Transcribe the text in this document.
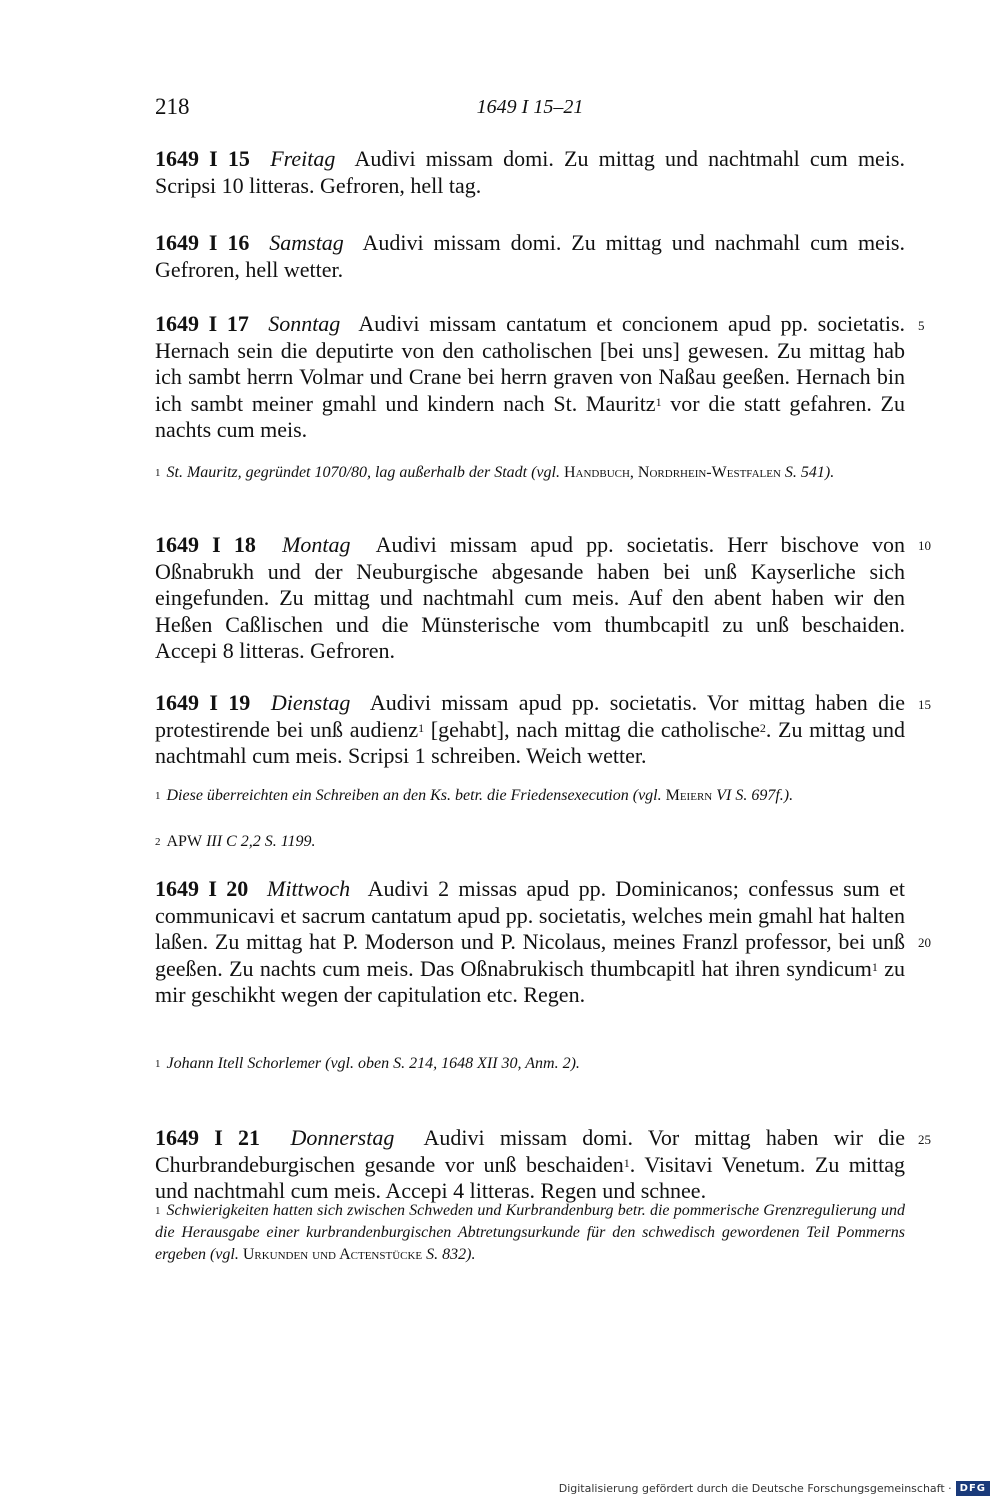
218	1649 I 15–21

1649 I 15 Freitag Audivi missam domi. Zu mittag und nachtmahl cum meis. Scripsi 10 litteras. Gefroren, hell tag.

1649 I 16 Samstag Audivi missam domi. Zu mittag und nachmahl cum meis. Gefroren, hell wetter.

1649 I 17 Sonntag Audivi missam cantatum et concionem apud pp. societatis. Hernach sein die deputirte von den catholischen [bei uns] gewesen. Zu mittag hab ich sambt herrn Volmar und Crane bei herrn graven von Naßau geeßen. Hernach bin ich sambt meiner gmahl und kindern nach St. Mauritz$^1$ vor die statt gefahren. Zu nachts cum meis.

$^1$ St. Mauritz, gegründet 1070/80, lag außerhalb der Stadt (vgl. Handbuch, Nordrhein-Westfalen S. 541).

1649 I 18 Montag Audivi missam apud pp. societatis. Herr bischove von Oßnabrukh und der Neuburgische abgesande haben bei unß Kayserliche sich eingefunden. Zu mittag und nachtmahl cum meis. Auf den abent haben wir den Heßen Caßlischen und die Münsterische vom thumbcapitl zu unß beschaiden. Accepi 8 litteras. Gefroren.

1649 I 19 Dienstag Audivi missam apud pp. societatis. Vor mittag haben die protestirende bei unß audienz$^1$ [gehabt], nach mittag die catholische$^2$. Zu mittag und nachtmahl cum meis. Scripsi 1 schreiben. Weich wetter.

$^1$ Diese überreichten ein Schreiben an den Ks. betr. die Friedensexecution (vgl. Meiern VI S. 697f.).

$^2$ APW III C 2,2 S. 1199.

1649 I 20 Mittwoch Audivi 2 missas apud pp. Dominicanos; confessus sum et communicavi et sacrum cantatum apud pp. societatis, welches mein gmahl hat halten laßen. Zu mittag hat P. Moderson und P. Nicolaus, meines Franzl professor, bei unß geeßen. Zu nachts cum meis. Das Oßnabrukisch thumbcapitl hat ihren syndicum$^1$ zu mir geschikht wegen der capitulation etc. Regen.

$^1$ Johann Itell Schorlemer (vgl. oben S. 214, 1648 XII 30, Anm. 2).

1649 I 21 Donnerstag Audivi missam domi. Vor mittag haben wir die Churbrandeburgischen gesande vor unß beschaiden$^1$. Visitavi Venetum. Zu mittag und nachtmahl cum meis. Accepi 4 litteras. Regen und schnee.

$^1$ Schwierigkeiten hatten sich zwischen Schweden und Kurbrandenburg betr. die pommerische Grenzregulierung und die Herausgabe einer kurbrandenburgischen Abtretungsurkunde für den schwedisch gewordenen Teil Pommerns ergeben (vgl. Urkunden und Actenstücke S. 832).

5
10
15
20
25
Digitalisierung gefördert durch die Deutsche Forschungsgemeinschaft · DFG
